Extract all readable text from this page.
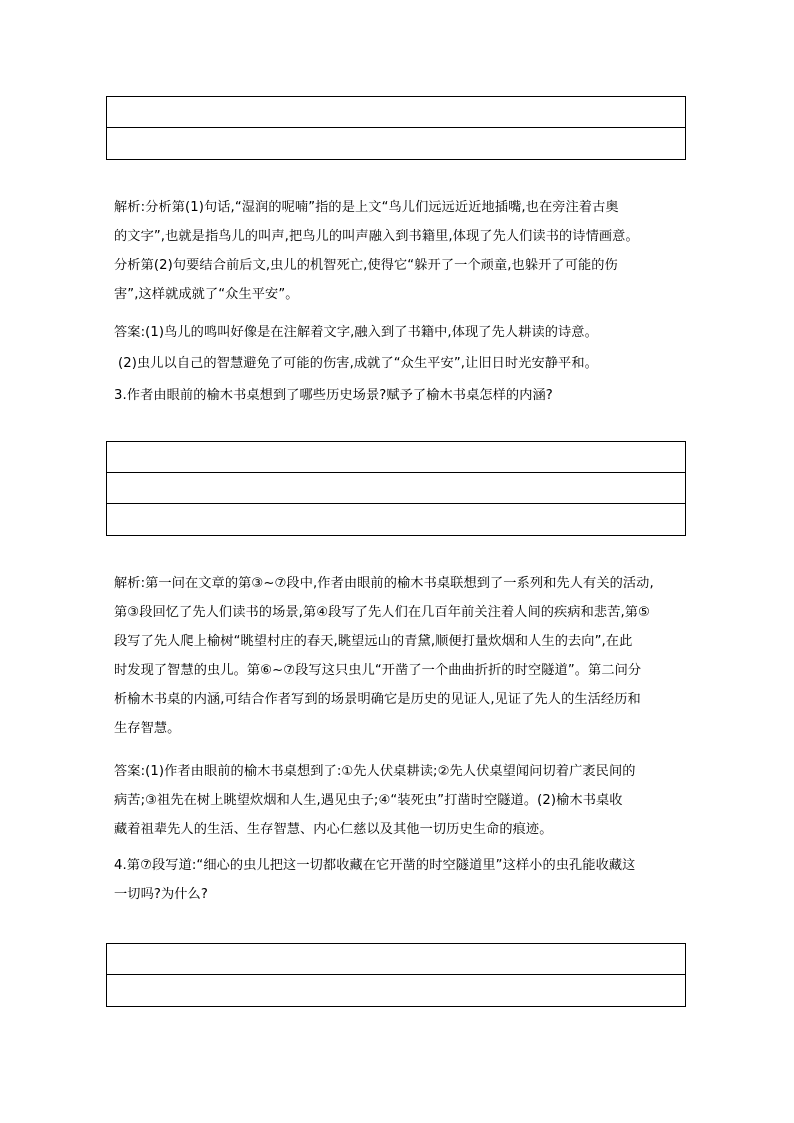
解析:分析第(1)句话,“湿润的呢喃”指的是上文“鸟儿们远远近近地插嘴,也在旁注着古奥
的文字”,也就是指鸟儿的叫声,把鸟儿的叫声融入到书籍里,体现了先人们读书的诗情画意。
分析第(2)句要结合前后文,虫儿的机智死亡,使得它“躲开了一个顽童,也躲开了可能的伤
害”,这样就成就了“众生平安”。
答案:(1)鸟儿的鸣叫好像是在注解着文字,融入到了书籍中,体现了先人耕读的诗意。
(2)虫儿以自己的智慧避免了可能的伤害,成就了“众生平安”,让旧日时光安静平和。
3.作者由眼前的榆木书桌想到了哪些历史场景?赋予了榆木书桌怎样的内涵?
解析:第一问在文章的第③~⑦段中,作者由眼前的榆木书桌联想到了一系列和先人有关的活动,
第③段回忆了先人们读书的场景,第④段写了先人们在几百年前关注着人间的疾病和悲苦,第⑤
段写了先人爬上榆树“眺望村庄的春天,眺望远山的青黛,顺便打量炊烟和人生的去向”,在此
时发现了智慧的虫儿。第⑥~⑦段写这只虫儿“开凿了一个曲曲折折的时空隧道”。第二问分
析榆木书桌的内涵,可结合作者写到的场景明确它是历史的见证人,见证了先人的生活经历和
生存智慧。
答案:(1)作者由眼前的榆木书桌想到了:①先人伏桌耕读;②先人伏桌望闻问切着广袤民间的
病苦;③祖先在树上眺望炊烟和人生,遇见虫子;④“装死虫”打凿时空隧道。(2)榆木书桌收
藏着祖辈先人的生活、生存智慧、内心仁慈以及其他一切历史生命的痕迹。
4.第⑦段写道:“细心的虫儿把这一切都收藏在它开凿的时空隧道里”这样小的虫孔能收藏这
一切吗?为什么?
